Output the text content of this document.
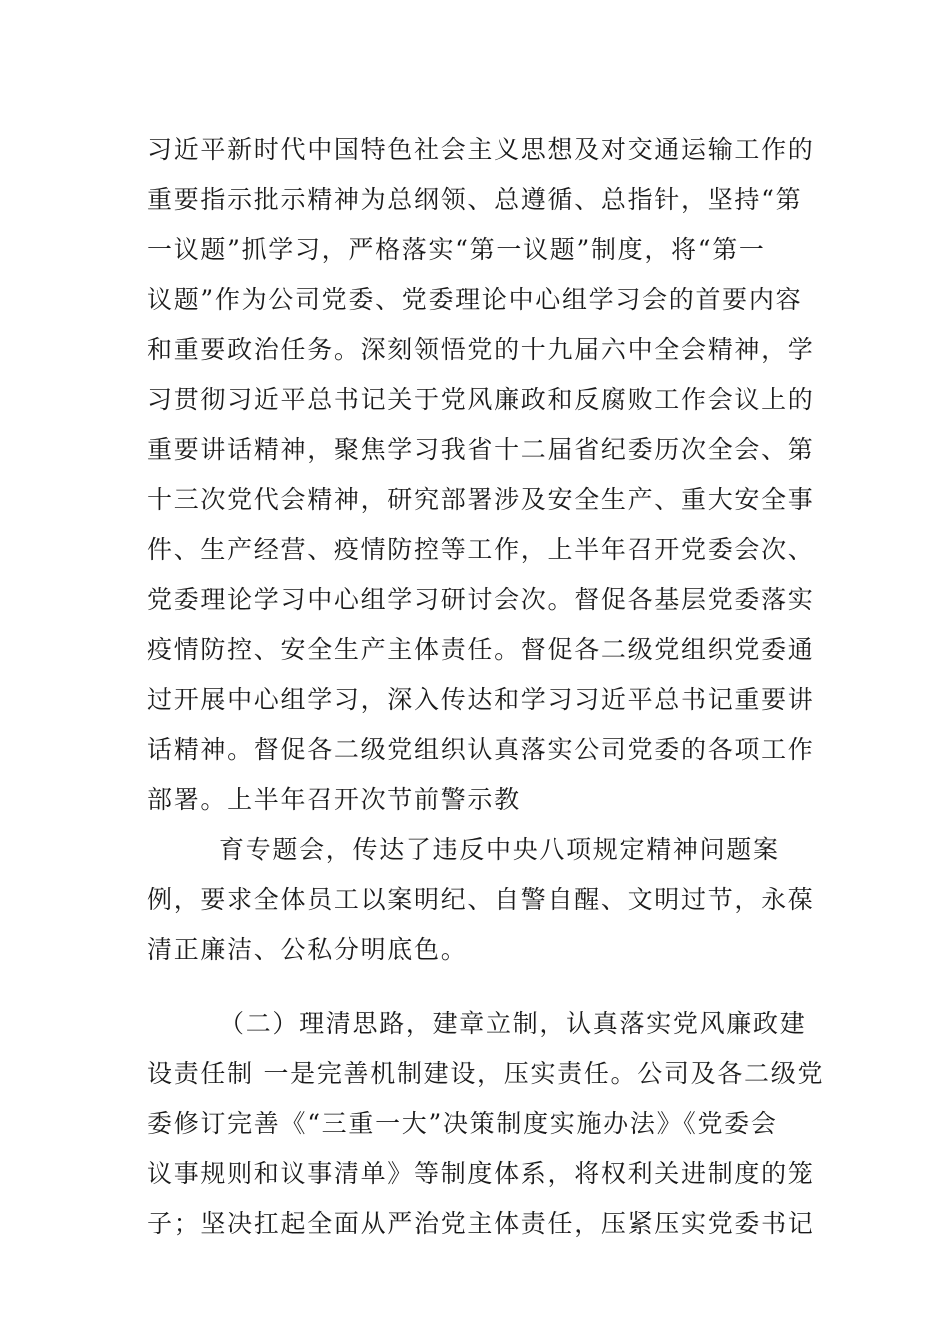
习近平新时代中国特色社会主义思想及对交通运输工作的
重要指示批示精神为总纲领、总遵循、总指针，坚持“第
一议题”抓学习，严格落实“第一议题”制度，将“第一
议题”作为公司党委、党委理论中心组学习会的首要内容
和重要政治任务。深刻领悟党的十九届六中全会精神，学
习贯彻习近平总书记关于党风廉政和反腐败工作会议上的
重要讲话精神，聚焦学习我省十二届省纪委历次全会、第
十三次党代会精神，研究部署涉及安全生产、重大安全事
件、生产经营、疫情防控等工作，上半年召开党委会次、
党委理论学习中心组学习研讨会次。督促各基层党委落实
疫情防控、安全生产主体责任。督促各二级党组织党委通
过开展中心组学习，深入传达和学习习近平总书记重要讲
话精神。督促各二级党组织认真落实公司党委的各项工作
部署。上半年召开次节前警示教
育专题会，传达了违反中央八项规定精神问题案
例，要求全体员工以案明纪、自警自醒、文明过节，永葆
清正廉洁、公私分明底色。
（二）理清思路，建章立制，认真落实党风廉政建
设责任制 一是完善机制建设，压实责任。公司及各二级党
委修订完善《“三重一大”决策制度实施办法》《党委会
议事规则和议事清单》等制度体系，将权利关进制度的笼
子；坚决扛起全面从严治党主体责任，压紧压实党委书记
